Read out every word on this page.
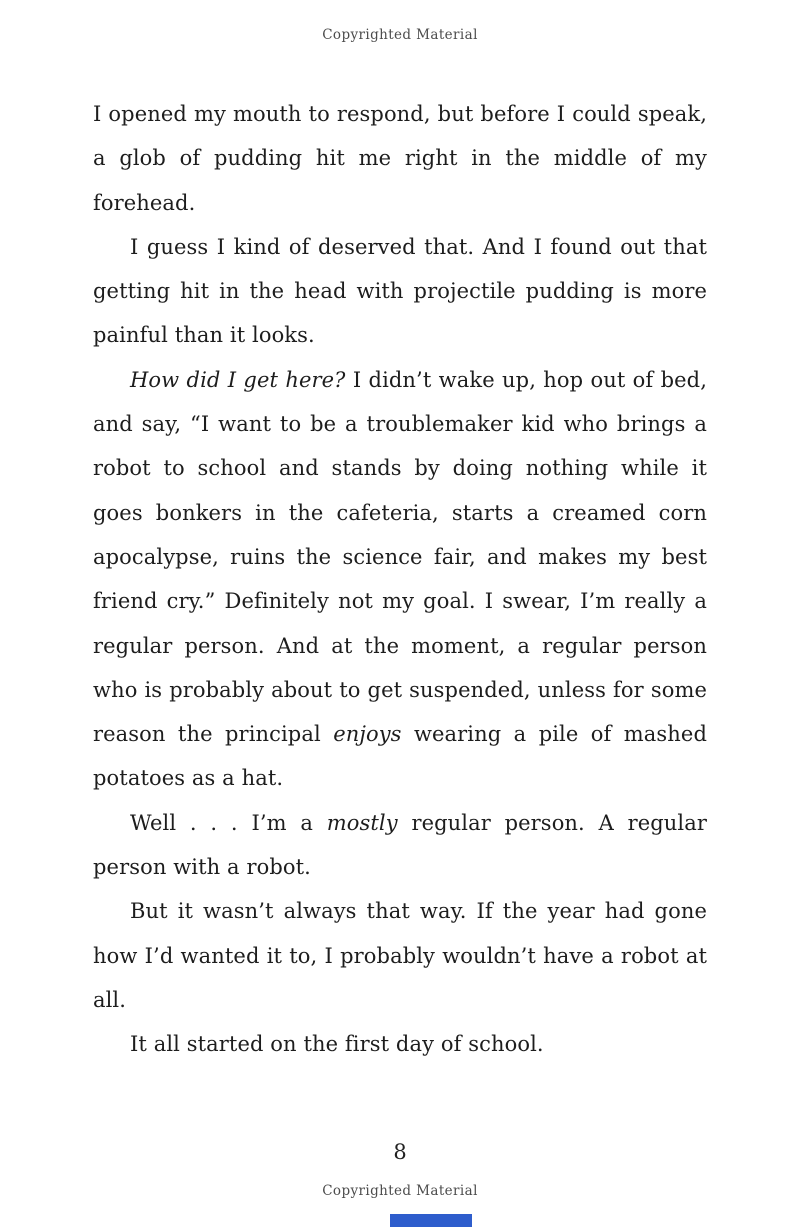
Copyrighted Material

I opened my mouth to respond, but before I could speak, a glob of pudding hit me right in the middle of my forehead.

I guess I kind of deserved that. And I found out that getting hit in the head with projectile pudding is more painful than it looks.

How did I get here? I didn’t wake up, hop out of bed, and say, “I want to be a troublemaker kid who brings a robot to school and stands by doing nothing while it goes bonkers in the cafeteria, starts a creamed corn apocalypse, ruins the science fair, and makes my best friend cry.” Definitely not my goal. I swear, I’m really a regular person. And at the moment, a regular person who is probably about to get suspended, unless for some reason the principal enjoys wearing a pile of mashed potatoes as a hat.

Well . . . I’m a mostly regular person. A regular person with a robot.

But it wasn’t always that way. If the year had gone how I’d wanted it to, I probably wouldn’t have a robot at all.

It all started on the first day of school.

8
Copyrighted Material
